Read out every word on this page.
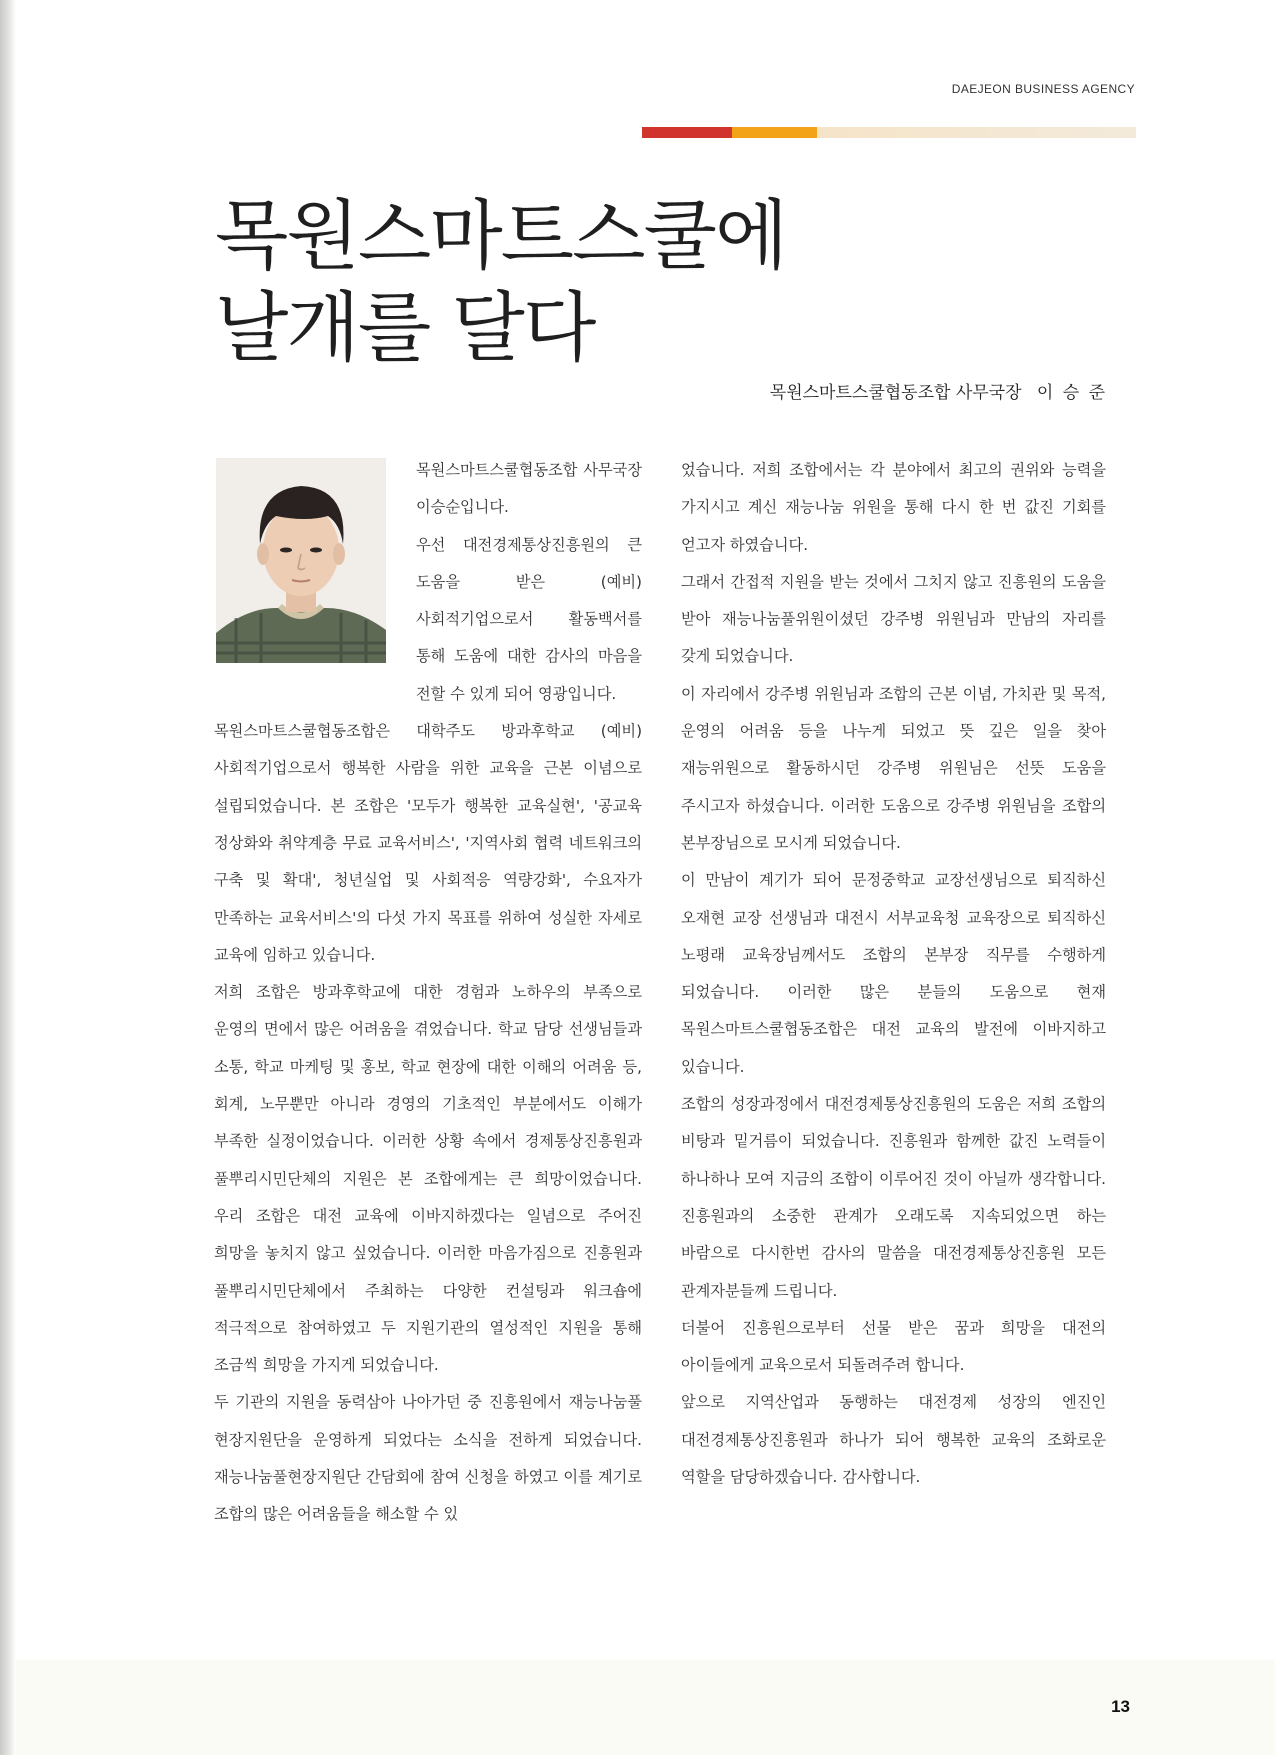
DAEJEON BUSINESS AGENCY
목원스마트스쿨에
날개를 달다
목원스마트스쿨협동조합 사무국장 이 승 준

목원스마트스쿨협동조합 사무국장 이승순입니다.

우선 대전경제통상진흥원의 큰 도움을 받은 (예비)사회적기업으로서 활동백서를 통해 도움에 대한 감사의 마음을 전할 수 있게 되어 영광입니다.

목원스마트스쿨협동조합은 대학주도 방과후학교 (예비)사회적기업으로서 행복한 사람을 위한 교육을 근본 이념으로 설립되었습니다. 본 조합은 '모두가 행복한 교육실현', '공교육 정상화와 취약계층 무료 교육서비스', '지역사회 협력 네트워크의 구축 및 확대', 청년실업 및 사회적응 역량강화', 수요자가 만족하는 교육서비스'의 다섯 가지 목표를 위하여 성실한 자세로 교육에 임하고 있습니다.

저희 조합은 방과후학교에 대한 경험과 노하우의 부족으로 운영의 면에서 많은 어려움을 겪었습니다. 학교 담당 선생님들과 소통, 학교 마케팅 및 홍보, 학교 현장에 대한 이해의 어려움 등, 회계, 노무뿐만 아니라 경영의 기초적인 부분에서도 이해가 부족한 실정이었습니다. 이러한 상황 속에서 경제통상진흥원과 풀뿌리시민단체의 지원은 본 조합에게는 큰 희망이었습니다. 우리 조합은 대전 교육에 이바지하겠다는 일념으로 주어진 희망을 놓치지 않고 싶었습니다. 이러한 마음가짐으로 진흥원과 풀뿌리시민단체에서 주최하는 다양한 컨설팅과 워크숍에 적극적으로 참여하였고 두 지원기관의 열성적인 지원을 통해 조금씩 희망을 가지게 되었습니다.

두 기관의 지원을 동력삼아 나아가던 중 진흥원에서 재능나눔풀 현장지원단을 운영하게 되었다는 소식을 전하게 되었습니다. 재능나눔풀현장지원단 간담회에 참여 신청을 하였고 이를 계기로 조합의 많은 어려움들을 해소할 수 있

었습니다. 저희 조합에서는 각 분야에서 최고의 권위와 능력을 가지시고 계신 재능나눔 위원을 통해 다시 한 번 값진 기회를 얻고자 하였습니다.

그래서 간접적 지원을 받는 것에서 그치지 않고 진흥원의 도움을 받아 재능나눔풀위원이셨던 강주병 위원님과 만남의 자리를 갖게 되었습니다.

이 자리에서 강주병 위원님과 조합의 근본 이념, 가치관 및 목적, 운영의 어려움 등을 나누게 되었고 뜻 깊은 일을 찾아 재능위원으로 활동하시던 강주병 위원님은 선뜻 도움을 주시고자 하셨습니다. 이러한 도움으로 강주병 위원님을 조합의 본부장님으로 모시게 되었습니다.

이 만남이 계기가 되어 문정중학교 교장선생님으로 퇴직하신 오재현 교장 선생님과 대전시 서부교육청 교육장으로 퇴직하신 노평래 교육장님께서도 조합의 본부장 직무를 수행하게 되었습니다. 이러한 많은 분들의 도움으로 현재 목원스마트스쿨협동조합은 대전 교육의 발전에 이바지하고 있습니다.

조합의 성장과정에서 대전경제통상진흥원의 도움은 저희 조합의 비탕과 밑거름이 되었습니다. 진흥원과 함께한 값진 노력들이 하나하나 모여 지금의 조합이 이루어진 것이 아닐까 생각합니다. 진흥원과의 소중한 관계가 오래도록 지속되었으면 하는 바람으로 다시한번 감사의 말씀을 대전경제통상진흥원 모든 관계자분들께 드립니다.

더불어 진흥원으로부터 선물 받은 꿈과 희망을 대전의 아이들에게 교육으로서 되돌려주려 합니다.

앞으로 지역산업과 동행하는 대전경제 성장의 엔진인 대전경제통상진흥원과 하나가 되어 행복한 교육의 조화로운 역할을 담당하겠습니다. 감사합니다.

13
